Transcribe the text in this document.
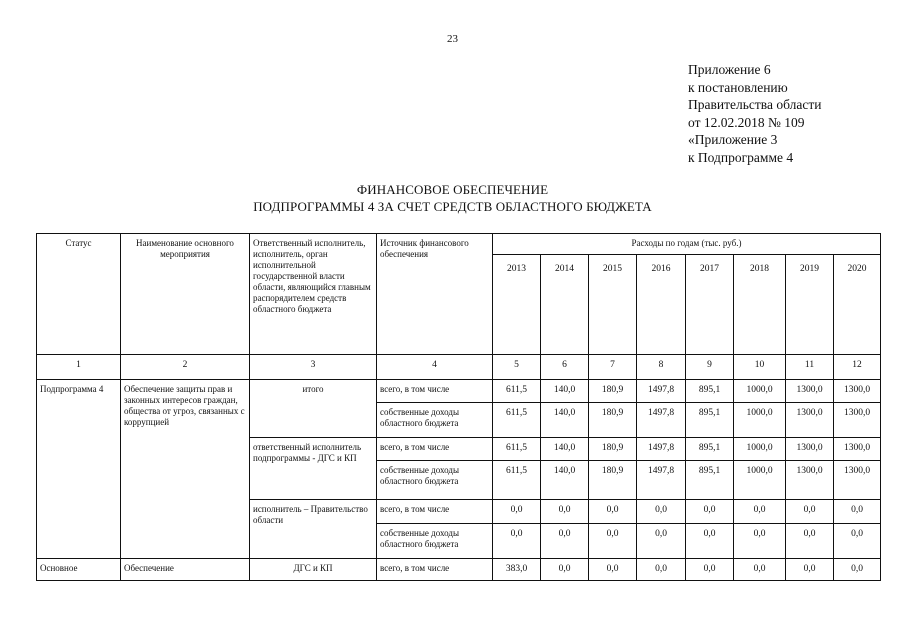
23
Приложение 6
к постановлению
Правительства области
от 12.02.2018 № 109
«Приложение 3
к Подпрограмме 4
ФИНАНСОВОЕ ОБЕСПЕЧЕНИЕ
ПОДПРОГРАММЫ 4 ЗА СЧЕТ СРЕДСТВ ОБЛАСТНОГО БЮДЖЕТА
Статус	Наименование основного мероприятия	Ответственный исполнитель, исполнитель, орган исполнительной государственной власти области, являющийся главным распорядителем средств областного бюджета	Источник финансового обеспечения	Расходы по годам (тыс. руб.)							
				2013	2014	2015	2016	2017	2018	2019	2020
1	2	3	4	5	6	7	8	9	10	11	12
Подпрограмма 4	Обеспечение защиты прав и законных интересов граждан, общества от угроз, связанных с коррупцией	итого	всего, в том числе	611,5	140,0	180,9	1497,8	895,1	1000,0	1300,0	1300,0
			собственные доходы областного бюджета	611,5	140,0	180,9	1497,8	895,1	1000,0	1300,0	1300,0
		ответственный исполнитель подпрограммы - ДГС и КП	всего, в том числе	611,5	140,0	180,9	1497,8	895,1	1000,0	1300,0	1300,0
			собственные доходы областного бюджета	611,5	140,0	180,9	1497,8	895,1	1000,0	1300,0	1300,0
		исполнитель – Правительство области	всего, в том числе	0,0	0,0	0,0	0,0	0,0	0,0	0,0	0,0
			собственные доходы областного бюджета	0,0	0,0	0,0	0,0	0,0	0,0	0,0	0,0
Основное	Обеспечение	ДГС и КП	всего, в том числе	383,0	0,0	0,0	0,0	0,0	0,0	0,0	0,0
